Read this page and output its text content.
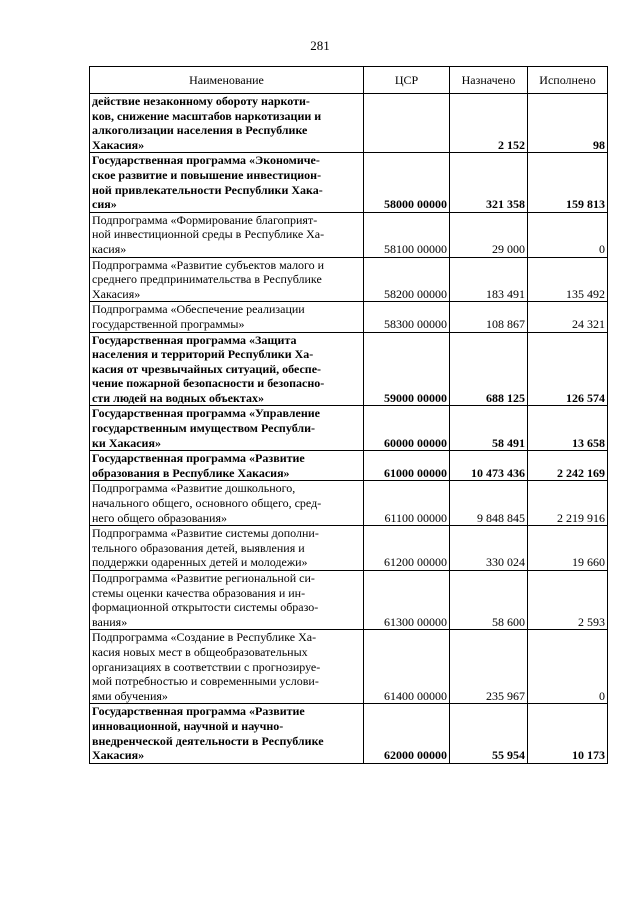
281
Наименование	ЦСР	Назначено	Исполнено
действие незаконному обороту наркоти-
ков, снижение масштабов наркотизации и
алкоголизации населения в Республике
Хакасия»		2 152	98
Государственная программа «Экономиче-
ское развитие и повышение инвестицион-
ной привлекательности Республики Хака-
сия»	58000 00000	321 358	159 813
Подпрограмма «Формирование благоприят-
ной инвестиционной среды в Республике Ха-
касия»	58100 00000	29 000	0
Подпрограмма «Развитие субъектов малого и
среднего предпринимательства в Республике
Хакасия»	58200 00000	183 491	135 492
Подпрограмма «Обеспечение реализации
государственной программы»	58300 00000	108 867	24 321
Государственная программа «Защита
населения и территорий Республики Ха-
касия от чрезвычайных ситуаций, обеспе-
чение пожарной безопасности и безопасно-
сти людей на водных объектах»	59000 00000	688 125	126 574
Государственная программа «Управление
государственным имуществом Республи-
ки Хакасия»	60000 00000	58 491	13 658
Государственная программа «Развитие
образования в Республике Хакасия»	61000 00000	10 473 436	2 242 169
Подпрограмма «Развитие дошкольного,
начального общего, основного общего, сред-
него общего образования»	61100 00000	9 848 845	2 219 916
Подпрограмма «Развитие системы дополни-
тельного образования детей, выявления и
поддержки одаренных детей и молодежи»	61200 00000	330 024	19 660
Подпрограмма «Развитие региональной си-
стемы оценки качества образования и ин-
формационной открытости системы образо-
вания»	61300 00000	58 600	2 593
Подпрограмма «Создание в Республике Ха-
касия новых мест в общеобразовательных
организациях в соответствии с прогнозируе-
мой потребностью и современными услови-
ями обучения»	61400 00000	235 967	0
Государственная программа «Развитие
инновационной, научной и научно-
внедренческой деятельности в Республике
Хакасия»	62000 00000	55 954	10 173
